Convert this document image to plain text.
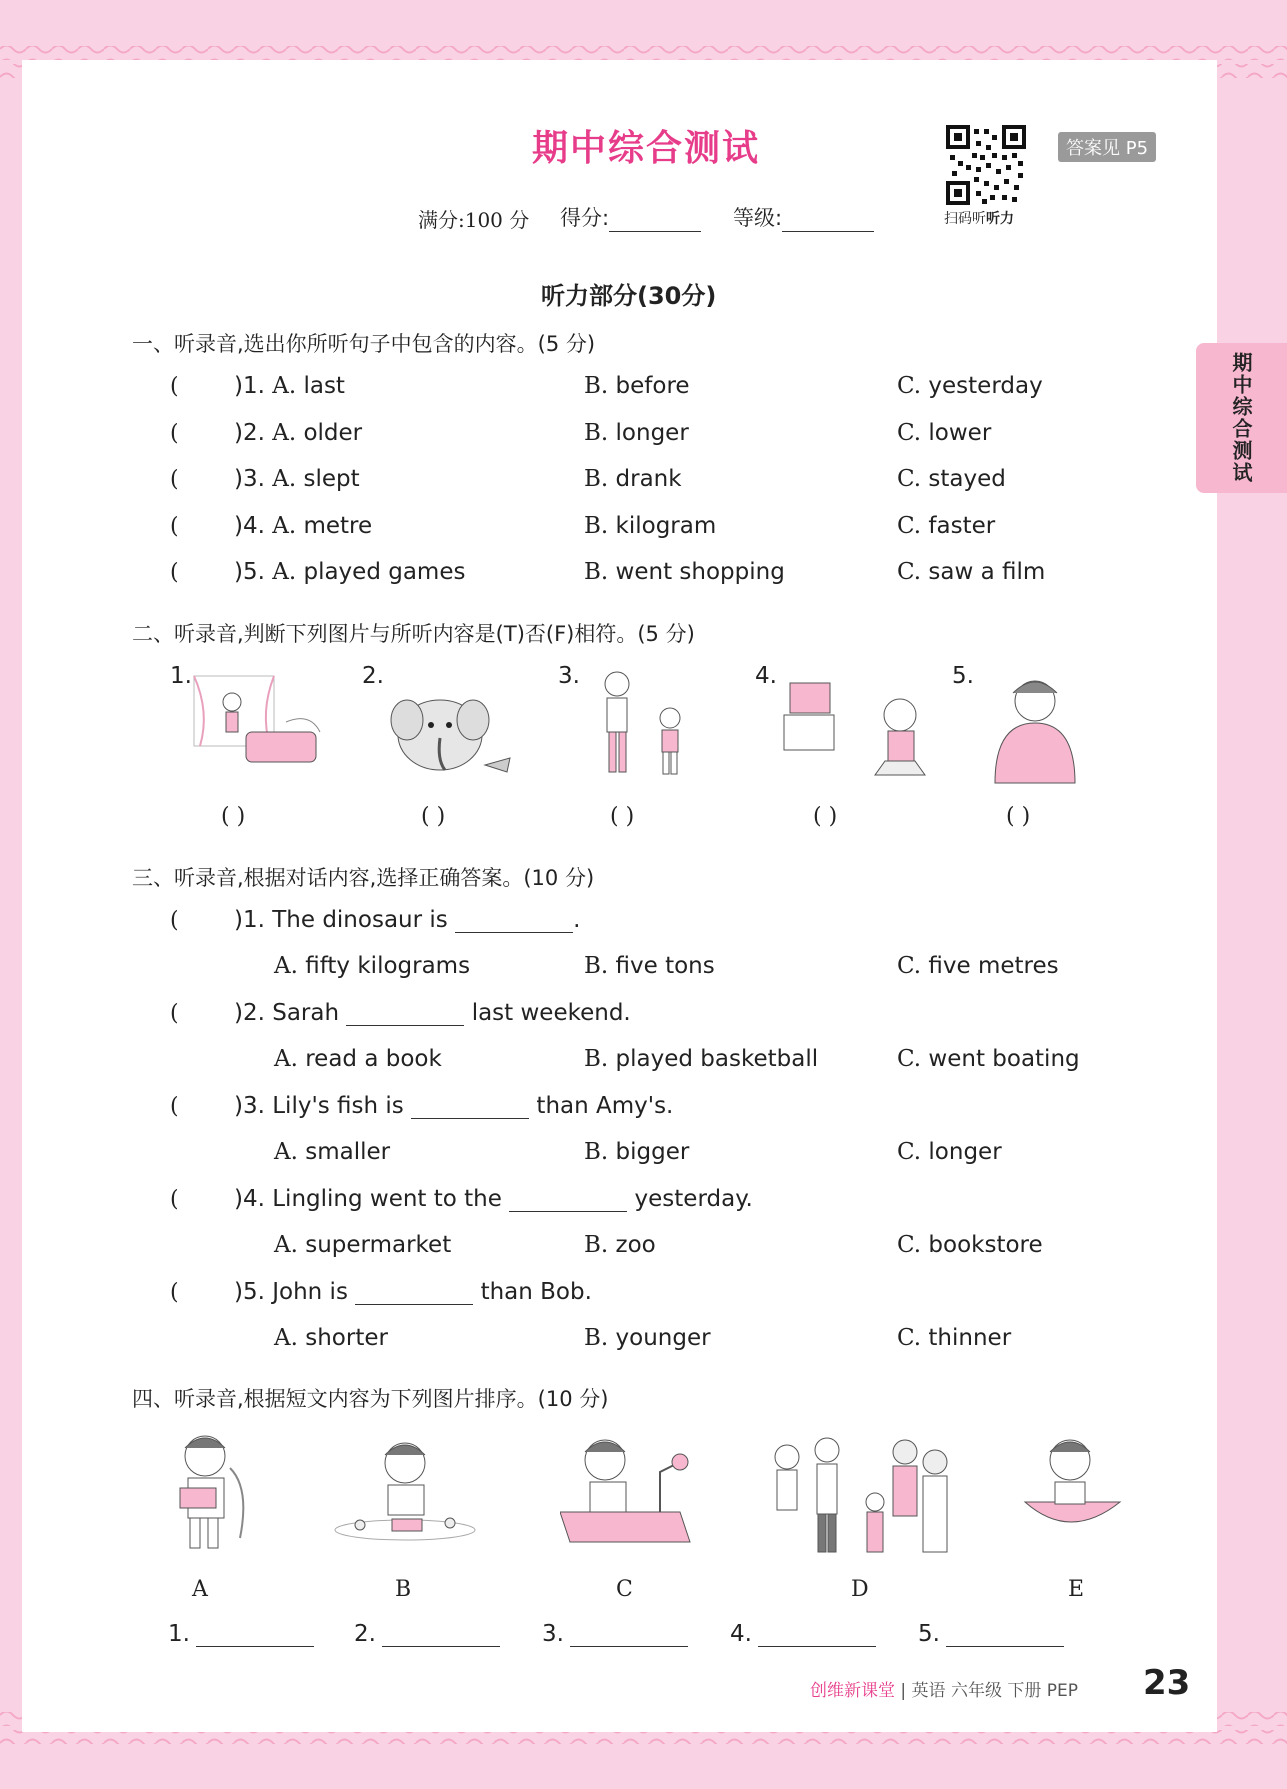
期中综合测试
期中综合测试
满分:100 分 得分:	等级:	扫码听听力
答案见 P5
听力部分(30分)
一、听录音,选出你所听句子中包含的内容。(5 分)
( )1. A. last	B. before	C. yesterday
( )2. A. older	B. longer	C. lower
( )3. A. slept	B. drank	C. stayed
( )4. A. metre	B. kilogram	C. faster
( )5. A. played games	B. went shopping	C. saw a film
二、听录音,判断下列图片与所听内容是(T)否(F)相符。(5 分)
1.	2.	3.	4.	5.
( )	( )	( )	( )	( )
三、听录音,根据对话内容,选择正确答案。(10 分)
( )1. The dinosaur is	.
A. fifty kilograms	B. five tons	C. five metres
( )2. Sarah	last weekend.
A. read a book	B. played basketball	C. went boating
( )3. Lily's fish is	than Amy's.
A. smaller	B. bigger	C. longer
( )4. Lingling went to the	yesterday.
A. supermarket	B. zoo	C. bookstore
( )5. John is	than Bob.
A. shorter	B. younger	C. thinner
四、听录音,根据短文内容为下列图片排序。(10 分)
A	B	C	D	E
1.	2.	3.	4.	5.
创维新课堂 | 英语 六年级 下册 PEP 23
